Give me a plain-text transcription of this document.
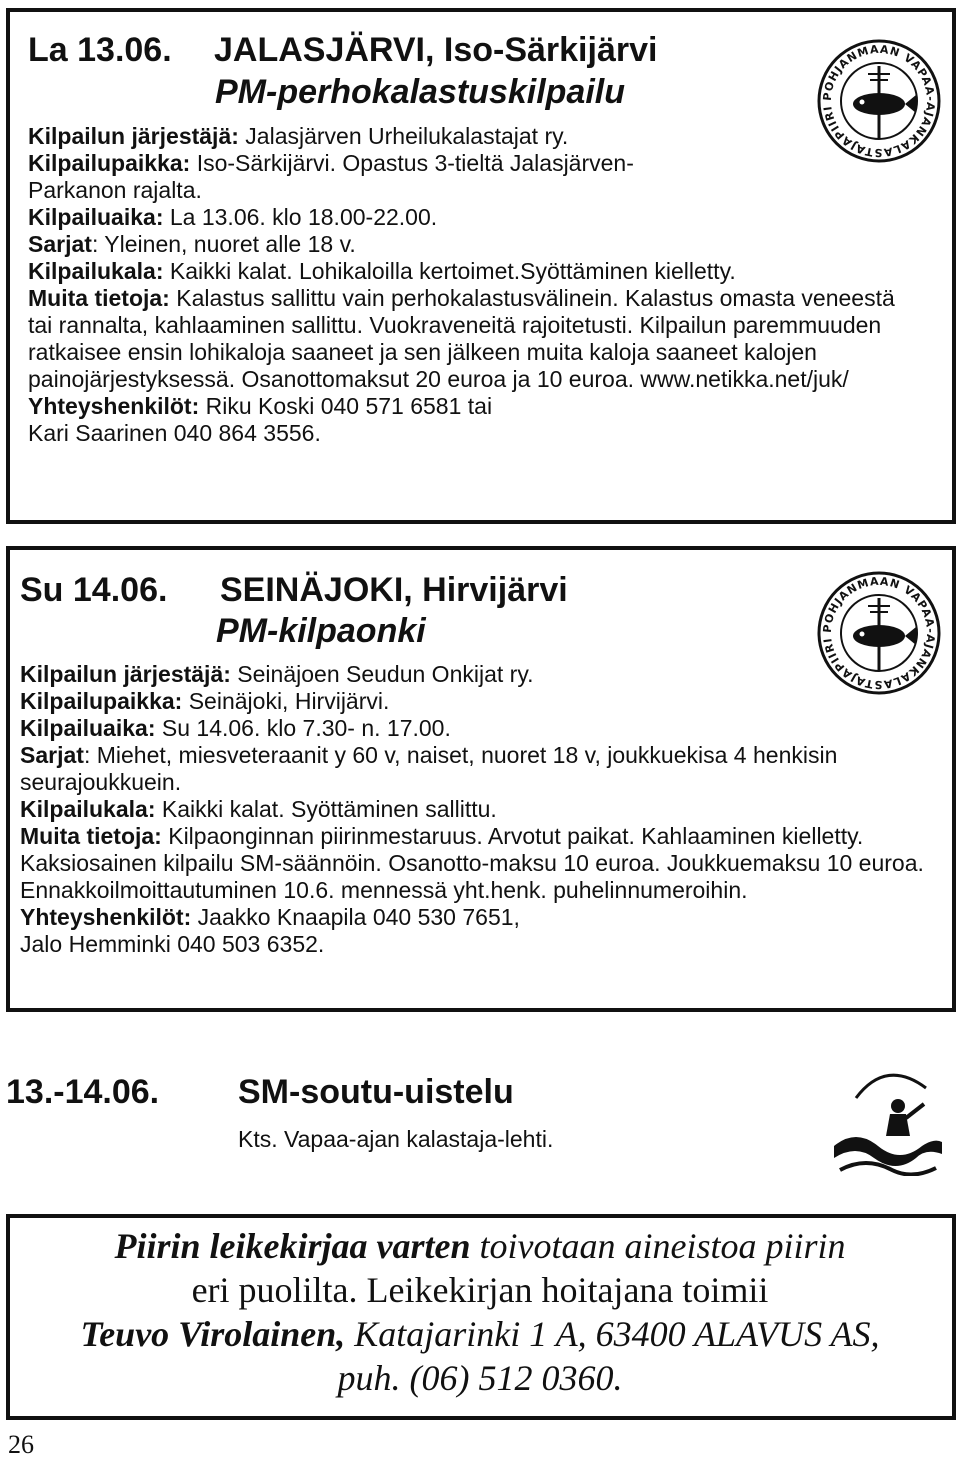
La 13.06. JALASJÄRVI, Iso-Särkijärvi
PM-perhokalastuskilpailu	POHJANMAAN VAPAA-AJANKALASTAJAPIIRI

Kilpailun järjestäjä: Jalasjärven Urheilukalastajat ry.

Kilpailupaikka: Iso-Särkijärvi. Opastus 3-tieltä Jalasjärven-
Parkanon rajalta.

Kilpailuaika: La 13.06. klo 18.00-22.00.

Sarjat: Yleinen, nuoret alle 18 v.

Kilpailukala: Kaikki kalat. Lohikaloilla kertoimet.Syöttäminen kielletty.

Muita tietoja: Kalastus sallittu vain perhokalastusvälinein. Kalastus omasta veneestä tai rannalta, kahlaaminen sallittu. Vuokraveneitä rajoitetusti. Kilpailun paremmuuden ratkaisee ensin lohikaloja saaneet ja sen jälkeen muita kaloja saaneet kalojen painojärjestyksessä. Osanottomaksut 20 euroa ja 10 euroa. www.netikka.net/juk/

Yhteyshenkilöt: Riku Koski 040 571 6581 tai
Kari Saarinen 040 864 3556.

Su 14.06. SEINÄJOKI, Hirvijärvi
PM-kilpaonki	POHJANMAAN VAPAA-AJANKALASTAJAPIIRI

Kilpailun järjestäjä: Seinäjoen Seudun Onkijat ry.

Kilpailupaikka: Seinäjoki, Hirvijärvi.

Kilpailuaika: Su 14.06. klo 7.30- n. 17.00.

Sarjat: Miehet, miesveteraanit y 60 v, naiset, nuoret 18 v, joukkuekisa 4 henkisin seurajoukkuein.

Kilpailukala: Kaikki kalat. Syöttäminen sallittu.

Muita tietoja: Kilpaonginnan piirinmestaruus. Arvotut paikat. Kahlaaminen kielletty. Kaksiosainen kilpailu SM-säännöin. Osanotto-maksu 10 euroa. Joukkuemaksu 10 euroa. Ennakkoilmoittautuminen 10.6. mennessä yht.henk. puhelinnumeroihin.

Yhteyshenkilöt: Jaakko Knaapila 040 530 7651,
Jalo Hemminki 040 503 6352.

13.-14.06. SM-soutu-uistelu
Kts. Vapaa-ajan kalastaja-lehti.

Piirin leikekirjaa varten toivotaan aineistoa piirin

eri puolilta. Leikekirjan hoitajana toimii

Teuvo Virolainen, Katajarinki 1 A, 63400 ALAVUS AS,

puh. (06) 512 0360.

26
